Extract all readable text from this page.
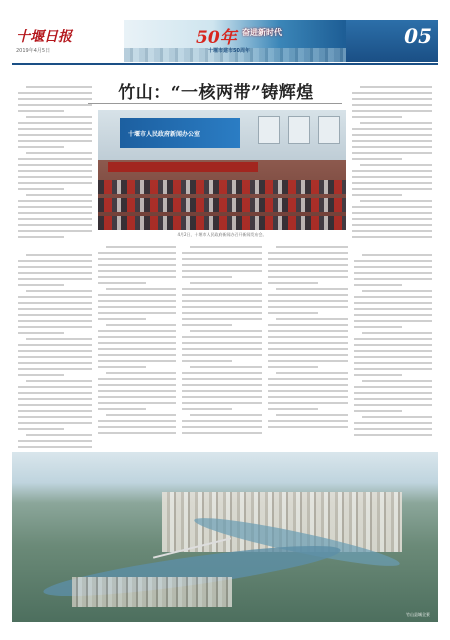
十堰日报
2019年4月5日
50年 奋进新时代
十堰市建市50周年
05
竹山：“一核两带”铸辉煌
十堰市人民政府新闻办公室
4月2日，十堰市人民政府新闻办召开新闻发布会。
竹山县城全景
